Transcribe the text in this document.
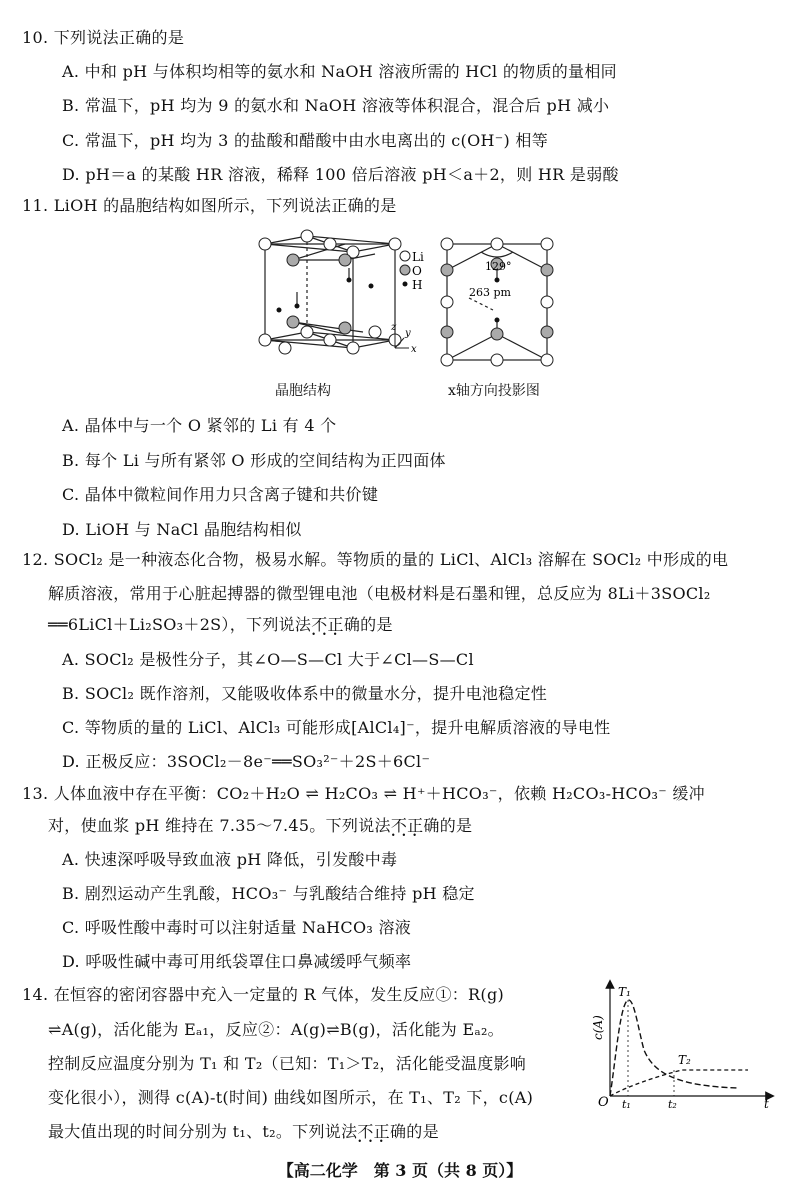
10. 下列说法正确的是
A. 中和 pH 与体积均相等的氨水和 NaOH 溶液所需的 HCl 的物质的量相同
B. 常温下，pH 均为 9 的氨水和 NaOH 溶液等体积混合，混合后 pH 减小
C. 常温下，pH 均为 3 的盐酸和醋酸中由水电离出的 c(OH⁻) 相等
D. pH＝a 的某酸 HR 溶液，稀释 100 倍后溶液 pH＜a＋2，则 HR 是弱酸
11. LiOH 的晶胞结构如图所示，下列说法正确的是
Li
O
H
z
y
x
129°
263 pm
晶胞结构	x轴方向投影图
A. 晶体中与一个 O 紧邻的 Li 有 4 个
B. 每个 Li 与所有紧邻 O 形成的空间结构为正四面体
C. 晶体中微粒间作用力只含离子键和共价键
D. LiOH 与 NaCl 晶胞结构相似
12. SOCl₂ 是一种液态化合物，极易水解。等物质的量的 LiCl、AlCl₃ 溶解在 SOCl₂ 中形成的电
解质溶液，常用于心脏起搏器的微型锂电池（电极材料是石墨和锂，总反应为 8Li＋3SOCl₂
══6LiCl＋Li₂SO₃＋2S），下列说法不正确 • • •的是
A. SOCl₂ 是极性分子，其∠O—S—Cl 大于∠Cl—S—Cl
B. SOCl₂ 既作溶剂，又能吸收体系中的微量水分，提升电池稳定性
C. 等物质的量的 LiCl、AlCl₃ 可能形成[AlCl₄]⁻，提升电解质溶液的导电性
D. 正极反应：3SOCl₂－8e⁻══SO₃²⁻＋2S＋6Cl⁻
13. 人体血液中存在平衡：CO₂＋H₂O ⇌ H₂CO₃ ⇌ H⁺＋HCO₃⁻，依赖 H₂CO₃-HCO₃⁻ 缓冲
对，使血浆 pH 维持在 7.35～7.45。下列说法不正确 • • •的是
A. 快速深呼吸导致血液 pH 降低，引发酸中毒
B. 剧烈运动产生乳酸，HCO₃⁻ 与乳酸结合维持 pH 稳定
C. 呼吸性酸中毒时可以注射适量 NaHCO₃ 溶液
D. 呼吸性碱中毒可用纸袋罩住口鼻减缓呼气频率
14. 在恒容的密闭容器中充入一定量的 R 气体，发生反应①：R(g)
⇌A(g)，活化能为 Eₐ₁，反应②：A(g)⇌B(g)，活化能为 Eₐ₂。
控制反应温度分别为 T₁ 和 T₂（已知：T₁＞T₂，活化能受温度影响
变化很小），测得 c(A)-t(时间) 曲线如图所示，在 T₁、T₂ 下，c(A)
最大值出现的时间分别为 t₁、t₂。下列说法不正确 • • •的是
c(A)
O	t
T₁
T₂
t₁	t₂
【高二化学　第 3 页（共 8 页）】
